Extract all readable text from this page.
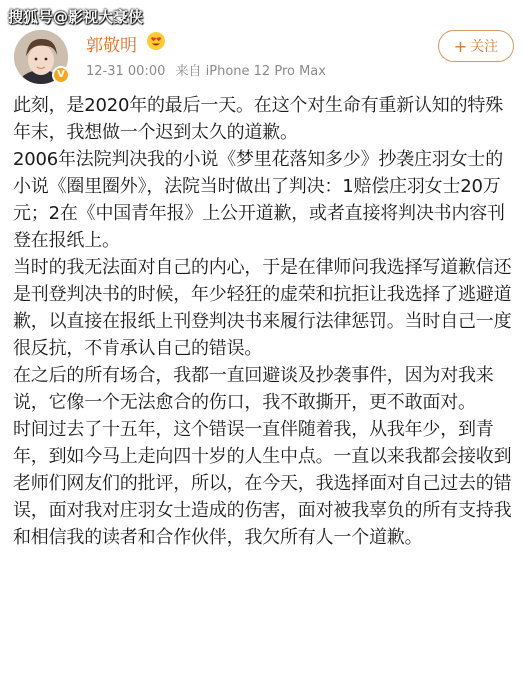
搜狐号@影视大豪侠
V
郭敬明
12-31 00:00 来自 iPhone 12 Pro Max
+ 关注

此刻，是2020年的最后一天。在这个对生命有重新认知的特殊年末，我想做一个迟到太久的道歉。

2006年法院判决我的小说《梦里花落知多少》抄袭庄羽女士的小说《圈里圈外》，法院当时做出了判决：1赔偿庄羽女士20万元；2在《中国青年报》上公开道歉，或者直接将判决书内容刊登在报纸上。

当时的我无法面对自己的内心，于是在律师问我选择写道歉信还是刊登判决书的时候，年少轻狂的虚荣和抗拒让我选择了逃避道歉，以直接在报纸上刊登判决书来履行法律惩罚。当时自己一度很反抗，不肯承认自己的错误。

在之后的所有场合，我都一直回避谈及抄袭事件，因为对我来说，它像一个无法愈合的伤口，我不敢撕开，更不敢面对。

时间过去了十五年，这个错误一直伴随着我，从我年少，到青年，到如今马上走向四十岁的人生中点。一直以来我都会接收到老师们网友们的批评，所以，在今天，我选择面对自己过去的错误，面对我对庄羽女士造成的伤害，面对被我辜负的所有支持我和相信我的读者和合作伙伴，我欠所有人一个道歉。
